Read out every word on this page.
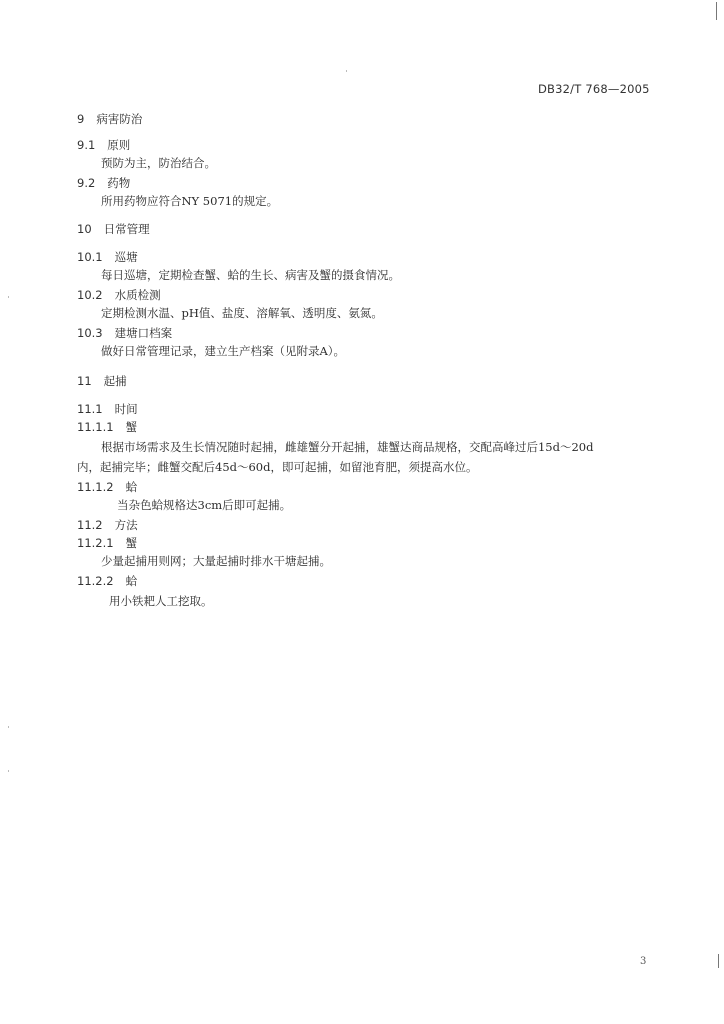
DB32/T 768—2005
9 病害防治
9.1 原则
预防为主，防治结合。
9.2 药物
所用药物应符合NY 5071的规定。
10 日常管理
10.1 巡塘
每日巡塘，定期检查蟹、蛤的生长、病害及蟹的摄食情况。
10.2 水质检测
定期检测水温、pH值、盐度、溶解氧、透明度、氨氮。
10.3 建塘口档案
做好日常管理记录，建立生产档案（见附录A）。
11 起捕
11.1 时间
11.1.1 蟹
根据市场需求及生长情况随时起捕，雌雄蟹分开起捕，雄蟹达商品规格，交配高峰过后15d～20d
内，起捕完毕；雌蟹交配后45d～60d，即可起捕，如留池育肥，须提高水位。
11.1.2 蛤
当杂色蛤规格达3cm后即可起捕。
11.2 方法
11.2.1 蟹
少量起捕用则网；大量起捕时排水干塘起捕。
11.2.2 蛤
用小铁耙人工挖取。
3
